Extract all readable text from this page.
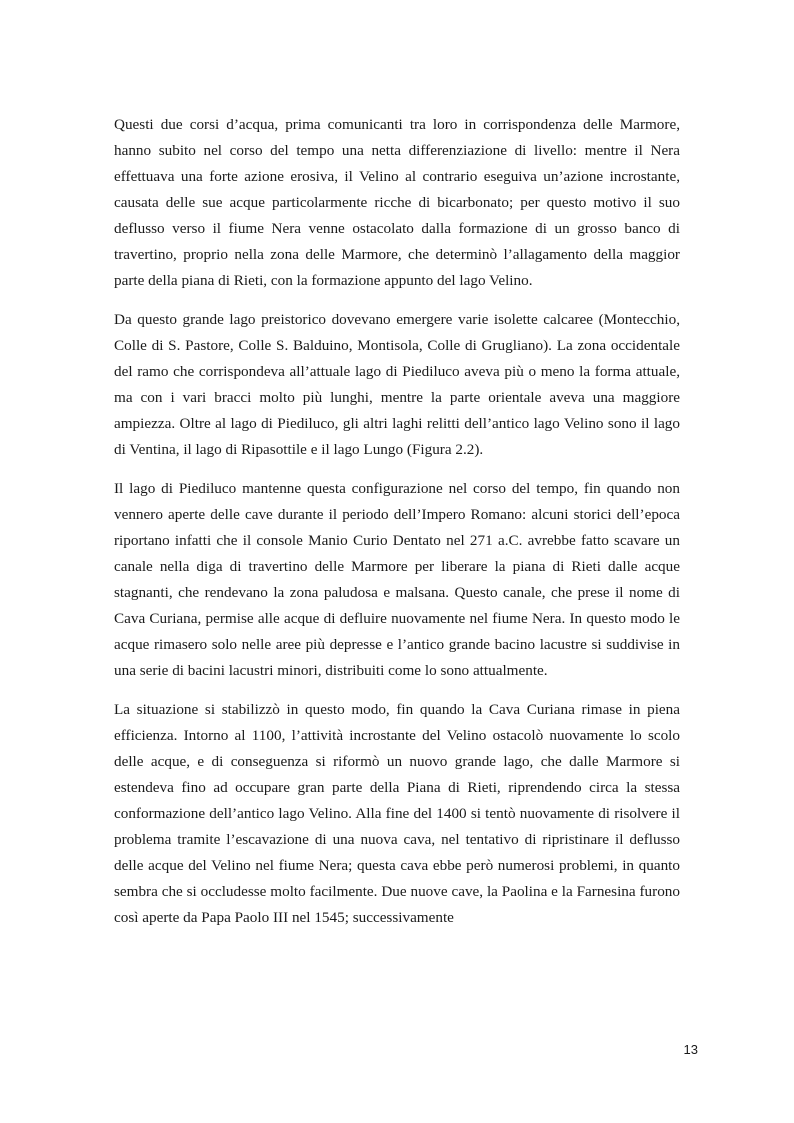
Questi due corsi d’acqua, prima comunicanti tra loro in corrispondenza delle Marmore, hanno subito nel corso del tempo una netta differenziazione di livello: mentre il Nera effettuava una forte azione erosiva, il Velino al contrario eseguiva un’azione incrostante, causata delle sue acque particolarmente ricche di bicarbonato; per questo motivo il suo deflusso verso il fiume Nera venne ostacolato dalla formazione di un grosso banco di travertino, proprio nella zona delle Marmore, che determinò l’allagamento della maggior parte della piana di Rieti, con la formazione appunto del lago Velino.

Da questo grande lago preistorico dovevano emergere varie isolette calcaree (Montecchio, Colle di S. Pastore, Colle S. Balduino, Montisola, Colle di Grugliano). La zona occidentale del ramo che corrispondeva all’attuale lago di Piediluco aveva più o meno la forma attuale, ma con i vari bracci molto più lunghi, mentre la parte orientale aveva una maggiore ampiezza. Oltre al lago di Piediluco, gli altri laghi relitti dell’antico lago Velino sono il lago di Ventina, il lago di Ripasottile e il lago Lungo (Figura 2.2).

Il lago di Piediluco mantenne questa configurazione nel corso del tempo, fin quando non vennero aperte delle cave durante il periodo dell’Impero Romano: alcuni storici dell’epoca riportano infatti che il console Manio Curio Dentato nel 271 a.C. avrebbe fatto scavare un canale nella diga di travertino delle Marmore per liberare la piana di Rieti dalle acque stagnanti, che rendevano la zona paludosa e malsana. Questo canale, che prese il nome di Cava Curiana, permise alle acque di defluire nuovamente nel fiume Nera. In questo modo le acque rimasero solo nelle aree più depresse e l’antico grande bacino lacustre si suddivise in una serie di bacini lacustri minori, distribuiti come lo sono attualmente.

La situazione si stabilizzò in questo modo, fin quando la Cava Curiana rimase in piena efficienza. Intorno al 1100, l’attività incrostante del Velino ostacolò nuovamente lo scolo delle acque, e di conseguenza si riformò un nuovo grande lago, che dalle Marmore si estendeva fino ad occupare gran parte della Piana di Rieti, riprendendo circa la stessa conformazione dell’antico lago Velino. Alla fine del 1400 si tentò nuovamente di risolvere il problema tramite l’escavazione di una nuova cava, nel tentativo di ripristinare il deflusso delle acque del Velino nel fiume Nera; questa cava ebbe però numerosi problemi, in quanto sembra che si occludesse molto facilmente. Due nuove cave, la Paolina e la Farnesina furono così aperte da Papa Paolo III nel 1545; successivamente

13
